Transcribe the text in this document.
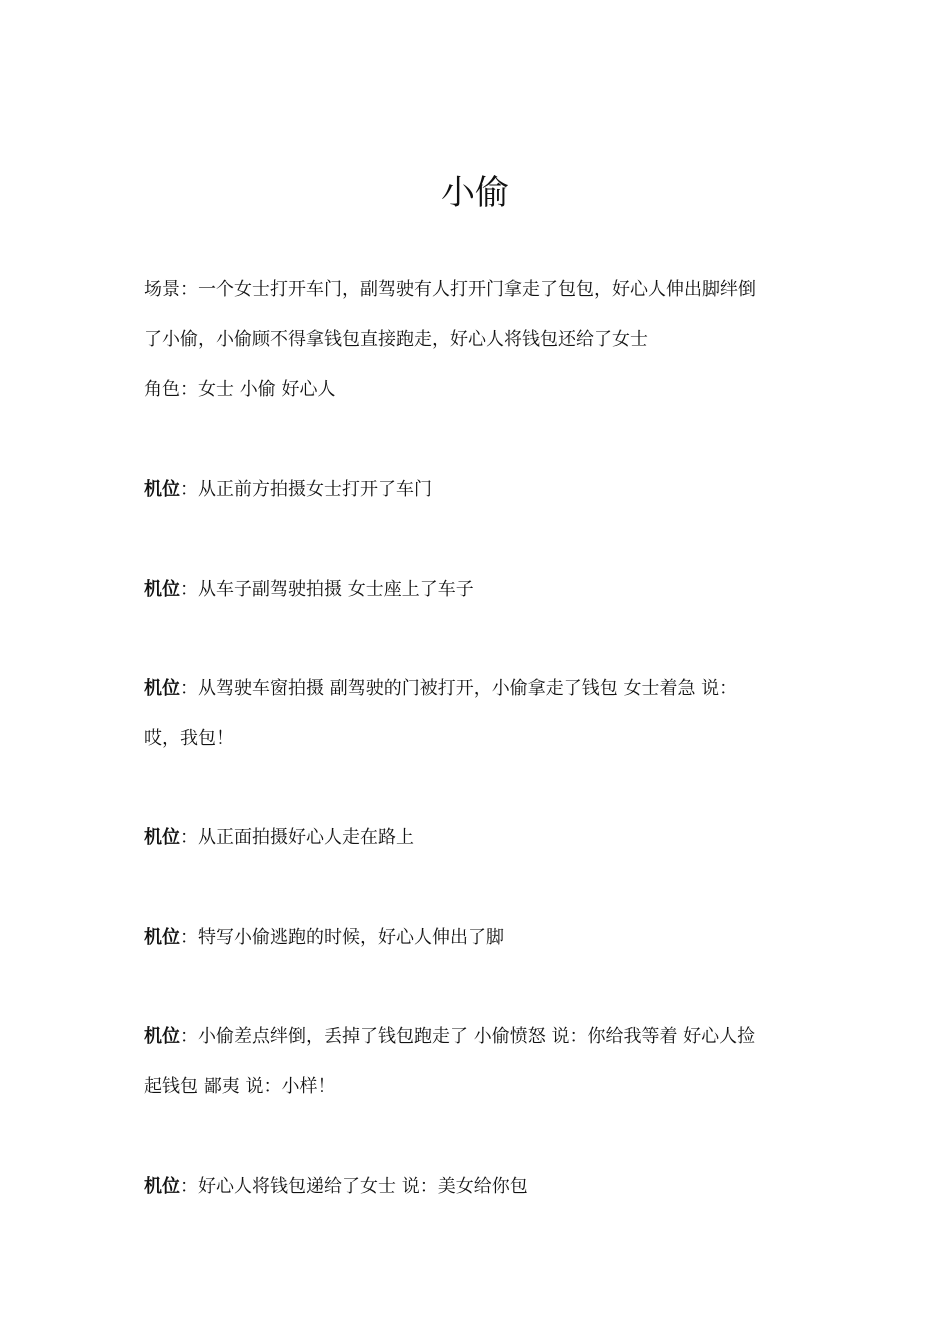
小偷

场景：一个女士打开车门，副驾驶有人打开门拿走了包包，好心人伸出脚绊倒

了小偷，小偷顾不得拿钱包直接跑走，好心人将钱包还给了女士

角色：女士 小偷 好心人

机位：从正前方拍摄女士打开了车门

机位：从车子副驾驶拍摄 女士座上了车子

机位：从驾驶车窗拍摄 副驾驶的门被打开，小偷拿走了钱包 女士着急 说：

哎，我包！

机位：从正面拍摄好心人走在路上

机位：特写小偷逃跑的时候，好心人伸出了脚

机位：小偷差点绊倒，丢掉了钱包跑走了 小偷愤怒 说：你给我等着 好心人捡

起钱包 鄙夷 说：小样！

机位：好心人将钱包递给了女士 说：美女给你包
